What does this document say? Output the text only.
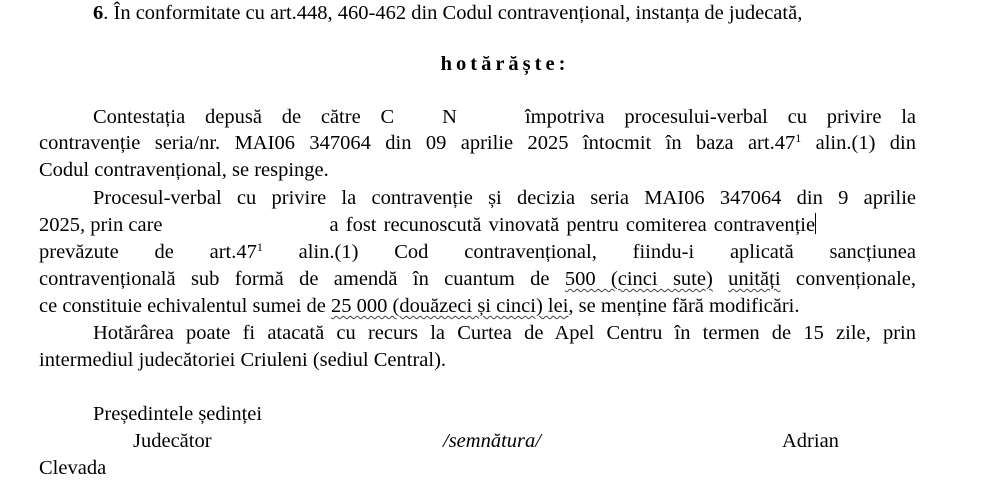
6. În conformitate cu art.448, 460-462 din Codul contravențional, instanța de judecată,
hotărăște:
Contestația depusă de către C N	împotriva procesului-verbal cu privire la
contravenție seria/nr. MAI06 347064 din 09 aprilie 2025 întocmit în baza $art.47^1$ alin.(1) din
Codul contravențional, se respinge.
Procesul-verbal cu privire la contravenție și decizia seria MAI06 347064 din 9 aprilie
2025, prin care	a fost recunoscută vinovată pentru comiterea contravenție
prevăzute de $art.47^1$ alin.(1) Cod contravențional, fiindu-i aplicată sancțiunea
contravențională sub formă de amendă în cuantum de 500 (cinci sute) unități convenționale,
ce constituie echivalentul sumei de 25 000 (douăzeci și cinci) lei, se menține fără modificări.
Hotărârea poate fi atacată cu recurs la Curtea de Apel Centru în termen de 15 zile, prin
intermediul judecătoriei Criuleni (sediul Central).
Președintele ședinței
Judecător	/semnătura/	Adrian
Clevada
